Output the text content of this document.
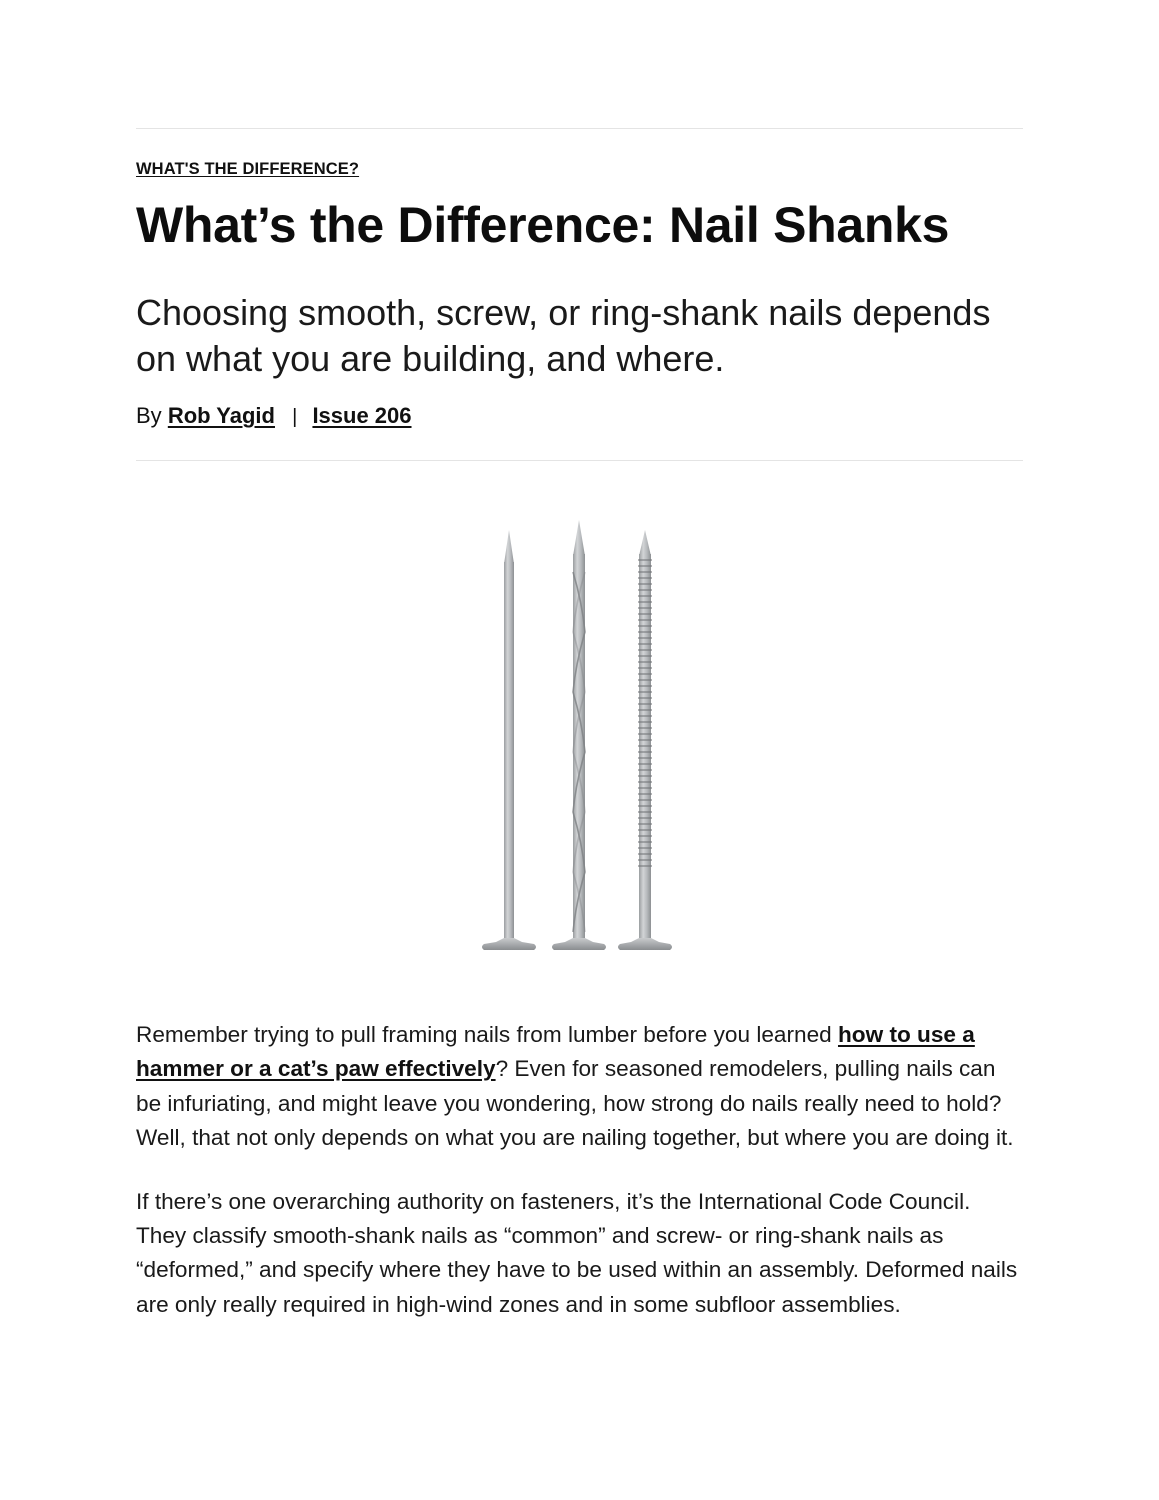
WHAT'S THE DIFFERENCE?
What’s the Difference: Nail Shanks
Choosing smooth, screw, or ring-shank nails depends on what you are building, and where.
By Rob Yagid | Issue 206

Remember trying to pull framing nails from lumber before you learned how to use a hammer or a cat’s paw effectively? Even for seasoned remodelers, pulling nails can be infuriating, and might leave you wondering, how strong do nails really need to hold? Well, that not only depends on what you are nailing together, but where you are doing it.

If there’s one overarching authority on fasteners, it’s the International Code Council. They classify smooth-shank nails as “common” and screw- or ring-shank nails as “deformed,” and specify where they have to be used within an assembly. Deformed nails are only really required in high-wind zones and in some subfloor assemblies.
